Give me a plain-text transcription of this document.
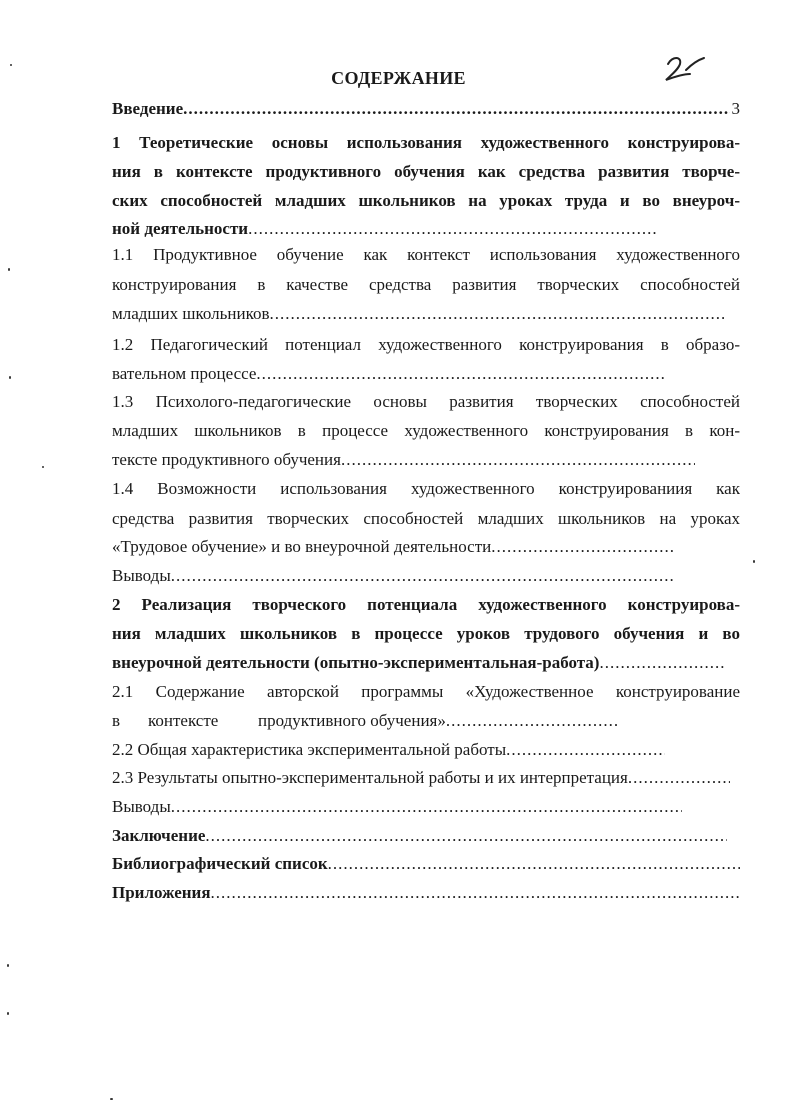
СОДЕРЖАНИЕ
Введение
.....	3
1 Теоретические основы использования художественного конструирова-
ния в контексте продуктивного обучения как средства развития творче-
ских способностей младших школьников на уроках труда и во внеуроч-
ной деятельности
.....
1.1 Продуктивное обучение как контекст использования художественного
конструирования в качестве средства развития творческих способностей
младших школьников
.....
1.2 Педагогический потенциал художественного конструирования в образо-
вательном процессе
.....
1.3 Психолого-педагогические основы развития творческих способностей
младших школьников в процессе художественного конструирования в кон-
тексте продуктивного обучения
.....
1.4 Возможности использования художественного конструированиия как
средства развития творческих способностей младших школьников на уроках
«Трудовое обучение» и во внеурочной деятельности
.....
Выводы
.....
2 Реализация творческого потенциала художественного конструирова-
ния младших школьников в процессе уроков трудового обучения и во
внеурочной деятельности (опытно-экспериментальная-работа)
.....
2.1 Содержание авторской программы «Художественное конструирование
в контексте продуктивного обучения»
.....
2.2 Общая характеристика экспериментальной работы
.....
2.3 Результаты опытно-экспериментальной работы и их интерпретация
.....
Выводы
.....
Заключение
.....
Библиографический список
.....
Приложения
.....
